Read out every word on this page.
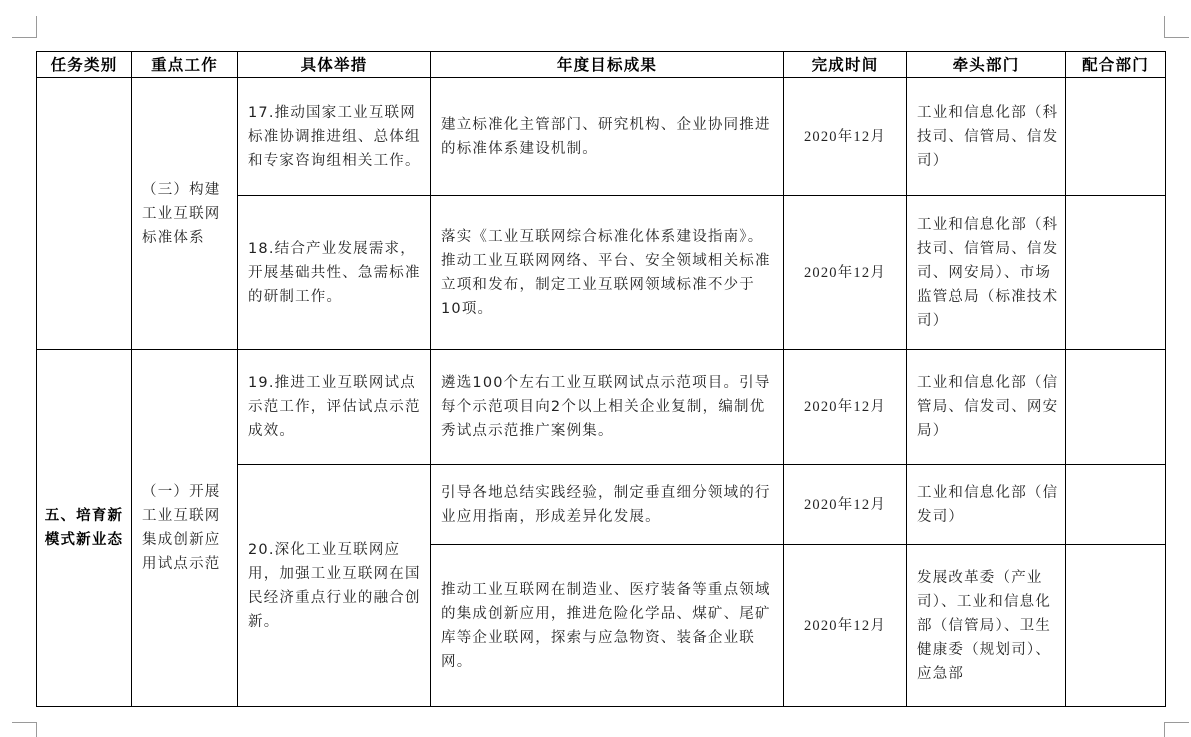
任务类别	重点工作	具体举措	年度目标成果	完成时间	牵头部门	配合部门
	（三）构建工业互联网标准体系	17.推动国家工业互联网标准协调推进组、总体组和专家咨询组相关工作。	建立标准化主管部门、研究机构、企业协同推进的标准体系建设机制。	2020年12月	工业和信息化部（科技司、信管局、信发司）	
		18.结合产业发展需求，开展基础共性、急需标准的研制工作。	落实《工业互联网综合标准化体系建设指南》。推动工业互联网网络、平台、安全领域相关标准立项和发布，制定工业互联网领域标准不少于10项。	2020年12月	工业和信息化部（科技司、信管局、信发司、网安局）、市场监管总局（标准技术司）	
五、培育新模式新业态	（一）开展工业互联网集成创新应用试点示范	19.推进工业互联网试点示范工作，评估试点示范成效。	遴选100个左右工业互联网试点示范项目。引导每个示范项目向2个以上相关企业复制，编制优秀试点示范推广案例集。	2020年12月	工业和信息化部（信管局、信发司、网安局）	
		20.深化工业互联网应用，加强工业互联网在国民经济重点行业的融合创新。	引导各地总结实践经验，制定垂直细分领域的行业应用指南，形成差异化发展。	2020年12月	工业和信息化部（信发司）	
			推动工业互联网在制造业、医疗装备等重点领域的集成创新应用，推进危险化学品、煤矿、尾矿库等企业联网，探索与应急物资、装备企业联网。	2020年12月	发展改革委（产业司）、工业和信息化部（信管局）、卫生健康委（规划司）、应急部	
